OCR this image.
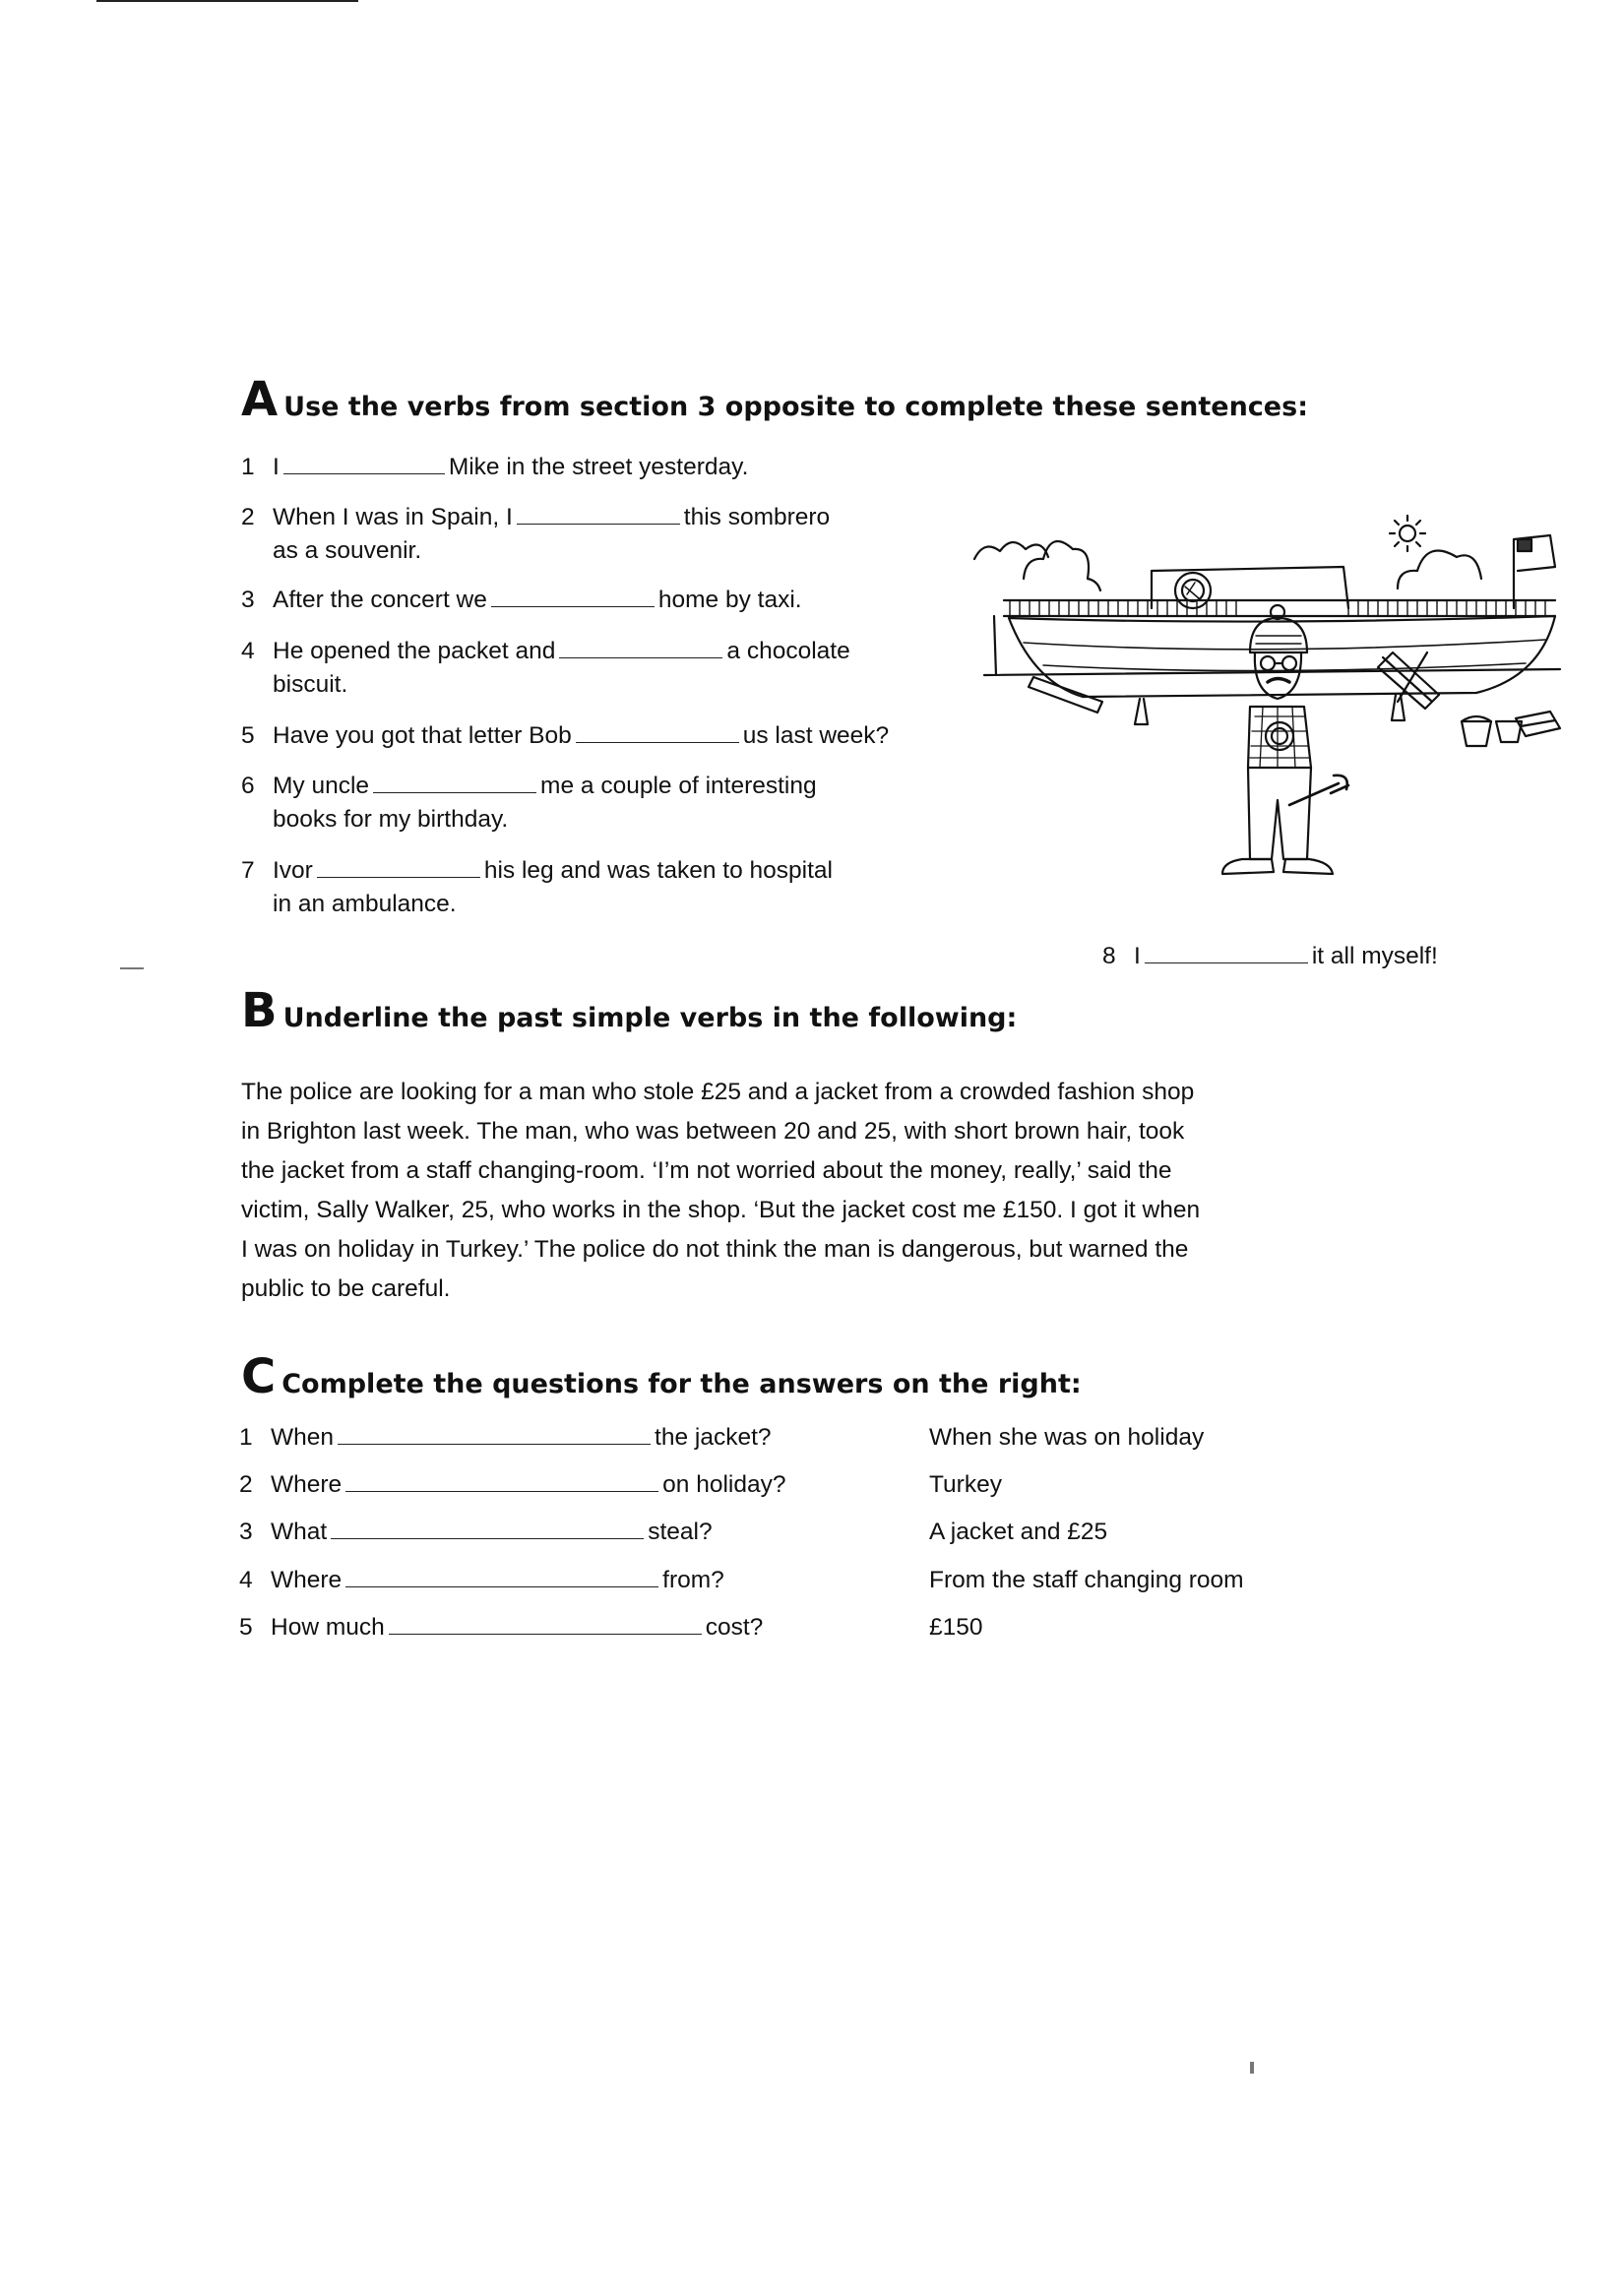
A Use the verbs from section 3 opposite to complete these sentences:
1 I	Mike in the street yesterday.
2 When I was in Spain, I	this sombrero
as a souvenir.
3 After the concert we	home by taxi.
4 He opened the packet and	a chocolate
biscuit.
5 Have you got that letter Bob	us last week?
6 My uncle	me a couple of interesting
books for my birthday.
7 Ivor	his leg and was taken to hospital
in an ambulance.
8 I	it all myself!
B Underline the past simple verbs in the following:
The police are looking for a man who stole £25 and a jacket from a crowded fashion shop
in Brighton last week. The man, who was between 20 and 25, with short brown hair, took
the jacket from a staff changing-room. ‘I’m not worried about the money, really,’ said the
victim, Sally Walker, 25, who works in the shop. ‘But the jacket cost me £150. I got it when
I was on holiday in Turkey.’ The police do not think the man is dangerous, but warned the
public to be careful.
C Complete the questions for the answers on the right:
1 When	the jacket?	When she was on holiday
2 Where	on holiday?	Turkey
3 What	steal?	A jacket and £25
4 Where	from?	From the staff changing room
5 How much	cost?	£150
